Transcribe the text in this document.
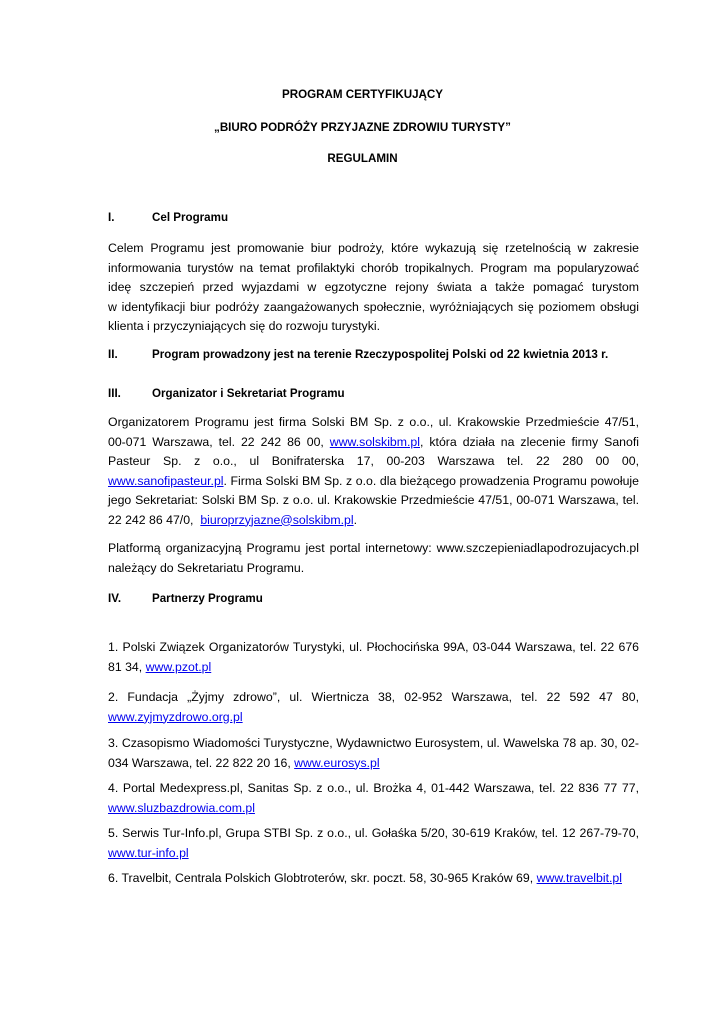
PROGRAM CERTYFIKUJĄCY
„BIURO PODRÓŻY PRZYJAZNE ZDROWIU TURYSTY”
REGULAMIN
I.	Cel Programu
Celem Programu jest promowanie biur podroży, które wykazują się rzetelnością w zakresie
informowania turystów na temat profilaktyki chorób tropikalnych. Program ma popularyzować
ideę szczepień przed wyjazdami w egzotyczne rejony świata a także pomagać turystom
w identyfikacji biur podróży zaangażowanych społecznie, wyróżniających się poziomem obsługi
klienta i przyczyniających się do rozwoju turystyki.
II.	Program prowadzony jest na terenie Rzeczypospolitej Polski od 22 kwietnia 2013 r.
III.	Organizator i Sekretariat Programu
Organizatorem Programu jest firma Solski BM Sp. z o.o., ul. Krakowskie Przedmieście 47/51,
00-071 Warszawa, tel. 22 242 86 00, www.solskibm.pl, która działa na zlecenie firmy Sanofi
Pasteur Sp. z o.o., ul Bonifraterska 17, 00-203 Warszawa tel. 22 280 00 00,
www.sanofipasteur.pl. Firma Solski BM Sp. z o.o. dla bieżącego prowadzenia Programu powołuje
jego Sekretariat: Solski BM Sp. z o.o. ul. Krakowskie Przedmieście 47/51, 00-071 Warszawa, tel.
22 242 86 47/0, biuroprzyjazne@solskibm.pl.
Platformą organizacyjną Programu jest portal internetowy: www.szczepieniadlapodrozujacych.pl
należący do Sekretariatu Programu.
IV.	Partnerzy Programu
1. Polski Związek Organizatorów Turystyki, ul. Płochocińska 99A, 03-044 Warszawa, tel. 22 676
81 34, www.pzot.pl
2. Fundacja „Żyjmy zdrowo”, ul. Wiertnicza 38, 02-952 Warszawa, tel. 22 592 47 80,
www.zyjmyzdrowo.org.pl
3. Czasopismo Wiadomości Turystyczne, Wydawnictwo Eurosystem, ul. Wawelska 78 ap. 30, 02-
034 Warszawa, tel. 22 822 20 16, www.eurosys.pl
4. Portal Medexpress.pl, Sanitas Sp. z o.o., ul. Brożka 4, 01-442 Warszawa, tel. 22 836 77 77,
www.sluzbazdrowia.com.pl
5. Serwis Tur-Info.pl, Grupa STBI Sp. z o.o., ul. Gołaśka 5/20, 30-619 Kraków, tel. 12 267-79-70,
www.tur-info.pl
6. Travelbit, Centrala Polskich Globtroterów, skr. poczt. 58, 30-965 Kraków 69, www.travelbit.pl
